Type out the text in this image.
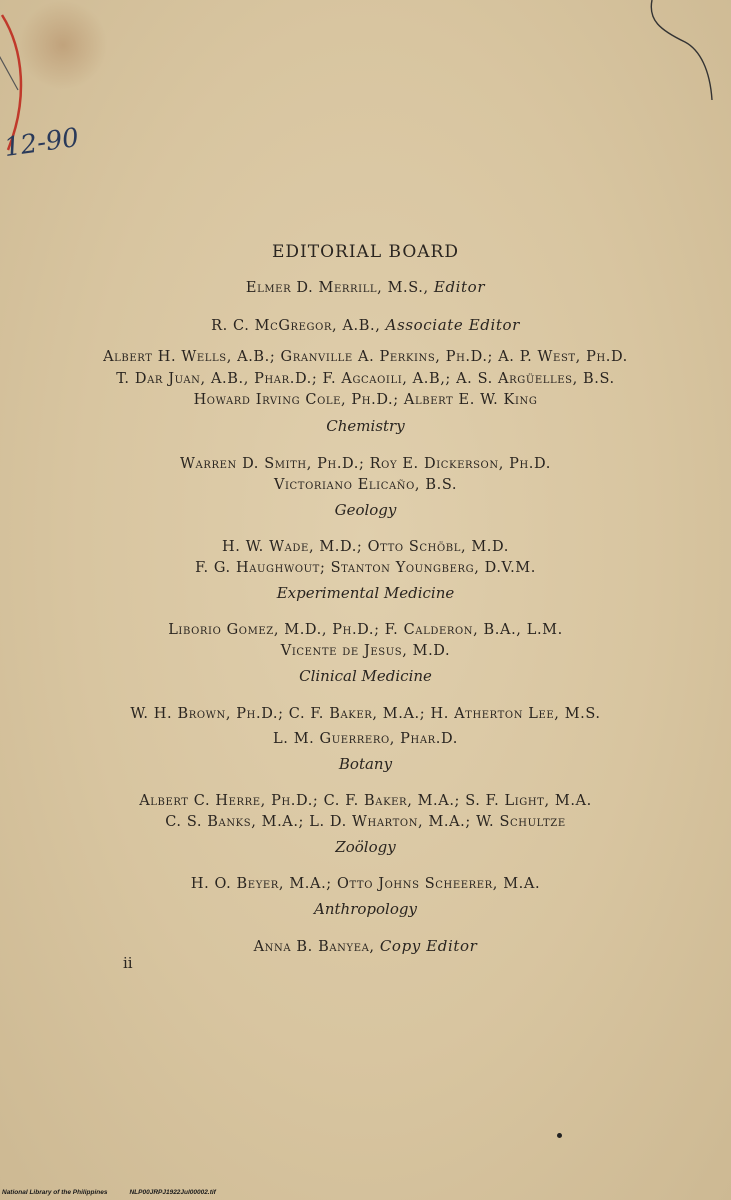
12-90
EDITORIAL BOARD
Elmer D. Merrill, M.S., Editor
R. C. McGregor, A.B., Associate Editor
Albert H. Wells, A.B.; Granville A. Perkins, Ph.D.; A. P. West, Ph.D.
T. Dar Juan, A.B., Phar.D.; F. Agcaoili, A.B,; A. S. Argüelles, B.S.
Howard Irving Cole, Ph.D.; Albert E. W. King
Chemistry
Warren D. Smith, Ph.D.; Roy E. Dickerson, Ph.D.
Victoriano Elicaño, B.S.
Geology
H. W. Wade, M.D.; Otto Schöbl, M.D.
F. G. Haughwout; Stanton Youngberg, D.V.M.
Experimental Medicine
Liborio Gomez, M.D., Ph.D.; F. Calderon, B.A., L.M.
Vicente de Jesus, M.D.
Clinical Medicine
W. H. Brown, Ph.D.; C. F. Baker, M.A.; H. Atherton Lee, M.S.
L. M. Guerrero, Phar.D.
Botany
Albert C. Herre, Ph.D.; C. F. Baker, M.A.; S. F. Light, M.A.
C. S. Banks, M.A.; L. D. Wharton, M.A.; W. Schultze
Zoölogy
H. O. Beyer, M.A.; Otto Johns Scheerer, M.A.
Anthropology
Anna B. Banyea, Copy Editor
ii
National Library of the Philippines	NLP00JRPJ1922Jul00002.tif
